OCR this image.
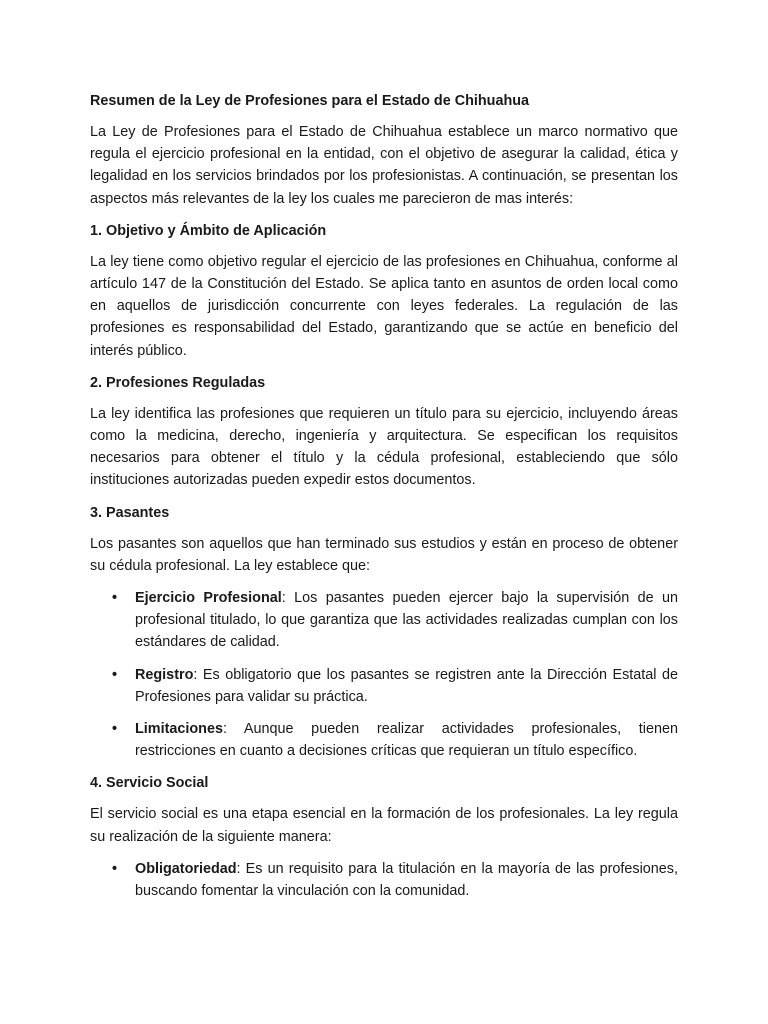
Resumen de la Ley de Profesiones para el Estado de Chihuahua

La Ley de Profesiones para el Estado de Chihuahua establece un marco normativo que regula el ejercicio profesional en la entidad, con el objetivo de asegurar la calidad, ética y legalidad en los servicios brindados por los profesionistas. A continuación, se presentan los aspectos más relevantes de la ley los cuales me parecieron de mas interés:

1. Objetivo y Ámbito de Aplicación

La ley tiene como objetivo regular el ejercicio de las profesiones en Chihuahua, conforme al artículo 147 de la Constitución del Estado. Se aplica tanto en asuntos de orden local como en aquellos de jurisdicción concurrente con leyes federales. La regulación de las profesiones es responsabilidad del Estado, garantizando que se actúe en beneficio del interés público.

2. Profesiones Reguladas

La ley identifica las profesiones que requieren un título para su ejercicio, incluyendo áreas como la medicina, derecho, ingeniería y arquitectura. Se especifican los requisitos necesarios para obtener el título y la cédula profesional, estableciendo que sólo instituciones autorizadas pueden expedir estos documentos.

3. Pasantes

Los pasantes son aquellos que han terminado sus estudios y están en proceso de obtener su cédula profesional. La ley establece que:

• Ejercicio Profesional: Los pasantes pueden ejercer bajo la supervisión de un profesional titulado, lo que garantiza que las actividades realizadas cumplan con los estándares de calidad.
• Registro: Es obligatorio que los pasantes se registren ante la Dirección Estatal de Profesiones para validar su práctica.
• Limitaciones: Aunque pueden realizar actividades profesionales, tienen restricciones en cuanto a decisiones críticas que requieran un título específico.

4. Servicio Social

El servicio social es una etapa esencial en la formación de los profesionales. La ley regula su realización de la siguiente manera:

• Obligatoriedad: Es un requisito para la titulación en la mayoría de las profesiones, buscando fomentar la vinculación con la comunidad.
